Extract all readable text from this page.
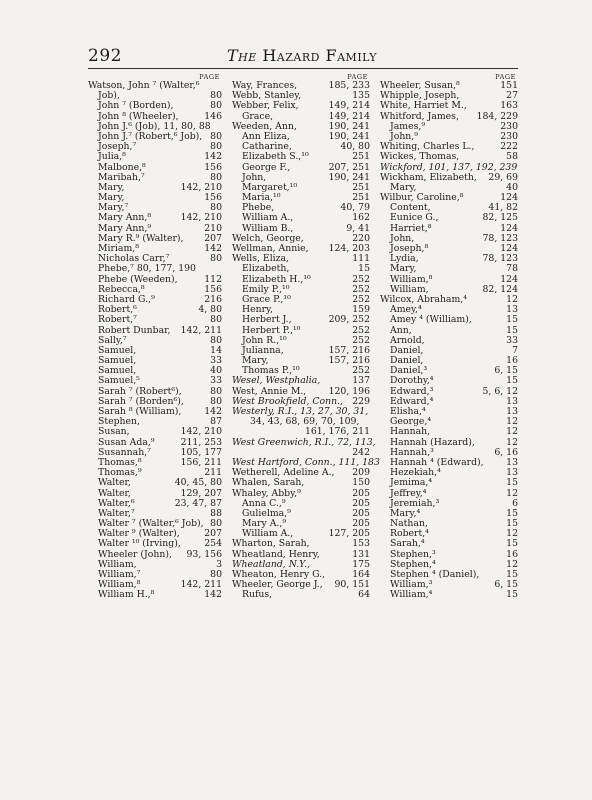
292	The Hazard Family
PAGE
Watson, John ⁷ (Walter,⁶
Job),	80
John ⁷ (Borden),	80
John ⁸ (Wheeler),	146
John J.⁶ (Job), 11, 80, 88
John J.⁷ (Robert,⁶ Job), 80
Joseph,⁷	80
Julia,⁸	142
Malbone,⁸	156
Maribah,⁷	80
Mary,	142, 210
Mary,	156
Mary,⁷	80
Mary Ann,⁸	142, 210
Mary Ann,⁹	210
Mary R.⁹ (Walter), 207
Miriam,⁸	142
Nicholas Carr,⁷	80
Phebe,⁷ 80, 177, 190
Phebe (Weeden),	112
Rebecca,⁸	156
Richard G.,⁹	216
Robert,⁶	4, 80
Robert,⁷	80
Robert Dunbar, 142, 211
Sally,⁷	80
Samuel,	14
Samuel,	33
Samuel,	40
Samuel,⁵	33
Sarah ⁷ (Robert⁶),	80
Sarah ⁷ (Borden⁶),	80
Sarah ⁸ (William), 142
Stephen,	87
Susan,	142, 210
Susan Ada,⁹	211, 253
Susannah,⁷	105, 177
Thomas,⁸	156, 211
Thomas,⁹	211
Walter,	40, 45, 80
Walter,	129, 207
Walter,⁶	23, 47, 87
Walter,⁷	88
Walter ⁷ (Walter,⁶ Job), 80
Walter ⁹ (Walter),	207
Walter ¹⁰ (Irving),	254
Wheeler (John), 93, 156
William,	3
William,⁷	80
William,⁸	142, 211
William H.,⁸	142
PAGE
Way, Frances,	185, 233
Webb, Stanley,	135
Webber, Felix,	149, 214
Grace,	149, 214
Weeden, Ann,	190, 241
Ann Eliza,	190, 241
Catharine,	40, 80
Elizabeth S.,¹⁰	251
George F.,	207, 251
John,	190, 241
Margaret,¹⁰	251
Maria,¹⁰	251
Phebe,	40, 79
William A.,	162
William B.,	9, 41
Welch, George,	220
Wellman, Annie, 124, 203
Wells, Eliza,	111
Elizabeth,	15
Elizabeth H.,¹⁰	252
Emily P.,¹⁰	252
Grace P.,¹⁰	252
Henry,	159
Herbert J.,	209, 252
Herbert P.,¹⁰	252
John R.,¹⁰	252
Julianna,	157, 216
Mary,	157, 216
Thomas P.,¹⁰	252
Wesel, Westphalia,	137
West, Annie M., 120, 196
West Brookfield, Conn., 229
Westerly, R.I., 13, 27, 30, 31,
34, 43, 68, 69, 70, 109,
161, 176, 211
West Greenwich, R.I., 72, 113,
242
West Hartford, Conn., 111, 183
Wetherell, Adeline A., 209
Whalen, Sarah,	150
Whaley, Abby,⁹	205
Anna C.,⁹	205
Gulielma,⁹	205
Mary A.,⁹	205
William A.,	127, 205
Wharton, Sarah,	153
Wheatland, Henry,	131
Wheatland, N.Y.,	175
Wheaton, Henry G.,	164
Wheeler, George J., 90, 151
Rufus,	64
PAGE
Wheeler, Susan,⁸	151
Whipple, Joseph,	27
White, Harriet M.,	163
Whitford, James, 184, 229
James,⁹	230
John,⁹	230
Whiting, Charles L.,	222
Wickes, Thomas,	58
Wickford, 101, 137, 192, 239
Wickham, Elizabeth, 29, 69
Mary,	40
Wilbur, Caroline,⁸	124
Content,	41, 82
Eunice G.,	82, 125
Harriet,⁸	124
John,	78, 123
Joseph,⁸	124
Lydia,	78, 123
Mary,	78
William,⁸	124
William,	82, 124
Wilcox, Abraham,⁴	12
Amey,⁴	13
Amey ⁴ (William),	15
Ann,	15
Arnold,	33
Daniel,	7
Daniel,	16
Daniel,³	6, 15
Dorothy,⁴	15
Edward,³	5, 6, 12
Edward,⁴	13
Elisha,⁴	13
George,⁴	12
Hannah,	12
Hannah (Hazard),	12
Hannah,³	6, 16
Hannah ⁴ (Edward), 13
Hezekiah,⁴	13
Jemima,⁴	15
Jeffrey,⁴	12
Jeremiah,³	6
Mary,⁴	15
Nathan,	15
Robert,⁴	12
Sarah,⁴	15
Stephen,³	16
Stephen,⁴	12
Stephen ⁴ (Daniel),	15
William,³	6, 15
William,⁴	15
